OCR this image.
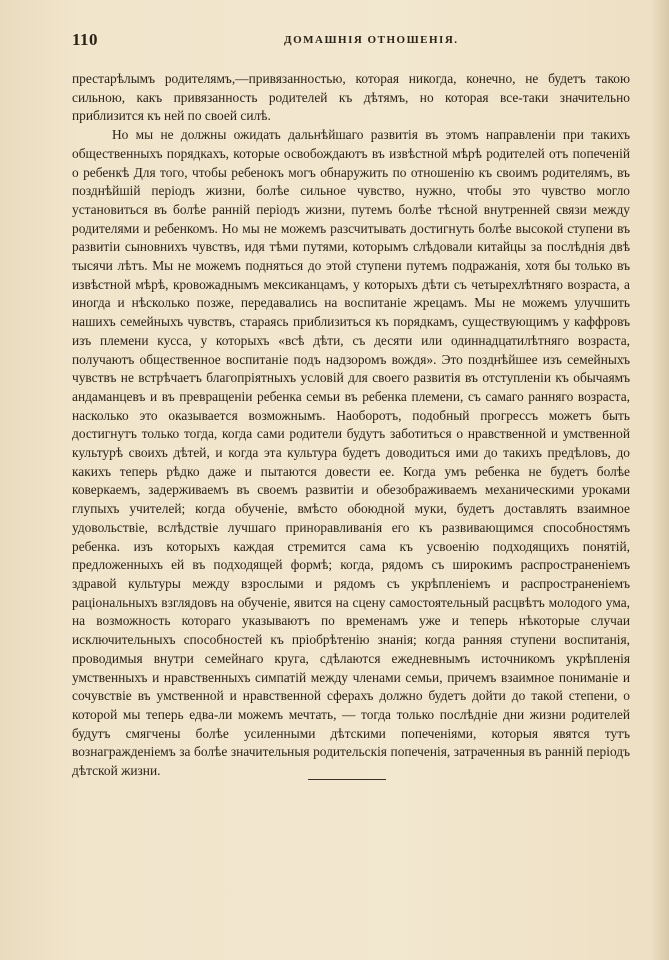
110	ДОМАШНІЯ ОТНОШЕНІЯ.

престарѣлымъ родителямъ,—привязанностью, которая никогда, конечно, не будетъ такою сильною, какъ привязанность родителей къ дѣтямъ, но которая все-таки значительно приблизится къ ней по своей силѣ.

Но мы не должны ожидать дальнѣйшаго развитія въ этомъ направленіи при такихъ общественныхъ порядкахъ, которые освобождаютъ въ извѣстной мѣрѣ родителей отъ попеченій о ребенкѣ Для того, чтобы ребенокъ могъ обнаружить по отношенію къ своимъ родителямъ, въ позднѣйшій періодъ жизни, болѣе сильное чувство, нужно, чтобы это чувство могло установиться въ болѣе ранній періодъ жизни, путемъ болѣе тѣсной внутренней связи между родителями и ребенкомъ. Но мы не можемъ разсчитывать достигнуть болѣе высокой ступени въ развитіи сыновнихъ чувствъ, идя тѣми путями, которымъ слѣдовали китайцы за послѣднія двѣ тысячи лѣтъ. Мы не можемъ подняться до этой ступени путемъ подражанія, хотя бы только въ извѣстной мѣрѣ, кровожаднымъ мексиканцамъ, у которыхъ дѣти съ четырехлѣтняго возраста, а иногда и нѣсколько позже, передавались на воспитаніе жрецамъ. Мы не можемъ улучшить нашихъ семейныхъ чувствъ, стараясь приблизиться къ порядкамъ, существующимъ у каффровъ изъ племени кусса, у которыхъ «всѣ дѣти, съ десяти или одиннадцатилѣтняго возраста, получаютъ общественное воспитаніе подъ надзоромъ вождя». Это позднѣйшее изъ семейныхъ чувствъ не встрѣчаетъ благопріятныхъ условій для своего развитія въ отступленіи къ обычаямъ андаманцевъ и въ превращеніи ребенка семьи въ ребенка племени, съ самаго ранняго возраста, насколько это оказывается возможнымъ. Наоборотъ, подобный прогрессъ можетъ быть достигнутъ только тогда, когда сами родители будутъ заботиться о нравственной и умственной культурѣ своихъ дѣтей, и когда эта культура будетъ доводиться ими до такихъ предѣловъ, до какихъ теперь рѣдко даже и пытаются довести ее. Когда умъ ребенка не будетъ болѣе коверкаемъ, задерживаемъ въ своемъ развитіи и обезображиваемъ механическими уроками глупыхъ учителей; когда обученіе, вмѣсто обоюдной муки, будетъ доставлять взаимное удовольствіе, вслѣдствіе лучшаго приноравливанія его къ развивающимся способностямъ ребенка. изъ которыхъ каждая стремится сама къ усвоенію подходящихъ понятій, предложенныхъ ей въ подходящей формѣ; когда, рядомъ съ широкимъ распространеніемъ здравой культуры между взрослыми и рядомъ съ укрѣпленіемъ и распространеніемъ раціональныхъ взглядовъ на обученіе, явится на сцену самостоятельный расцвѣтъ молодого ума, на возможность котораго указываютъ по временамъ уже и теперь нѣкоторые случаи исключительныхъ способностей къ пріобрѣтенію знанія; когда ранняя ступени воспитанія, проводимыя внутри семейнаго круга, сдѣлаются ежедневнымъ источникомъ укрѣпленія умственныхъ и нравственныхъ симпатій между членами семьи, причемъ взаимное пониманіе и сочувствіе въ умственной и нравственной сферахъ должно будетъ дойти до такой степени, о которой мы теперь едва-ли можемъ мечтать, — тогда только послѣдніе дни жизни родителей будутъ смягчены болѣе усиленными дѣтскими попеченіями, которыя явятся тутъ вознагражденіемъ за болѣе значительныя родительскія попеченія, затраченныя въ ранній періодъ дѣтской жизни.
